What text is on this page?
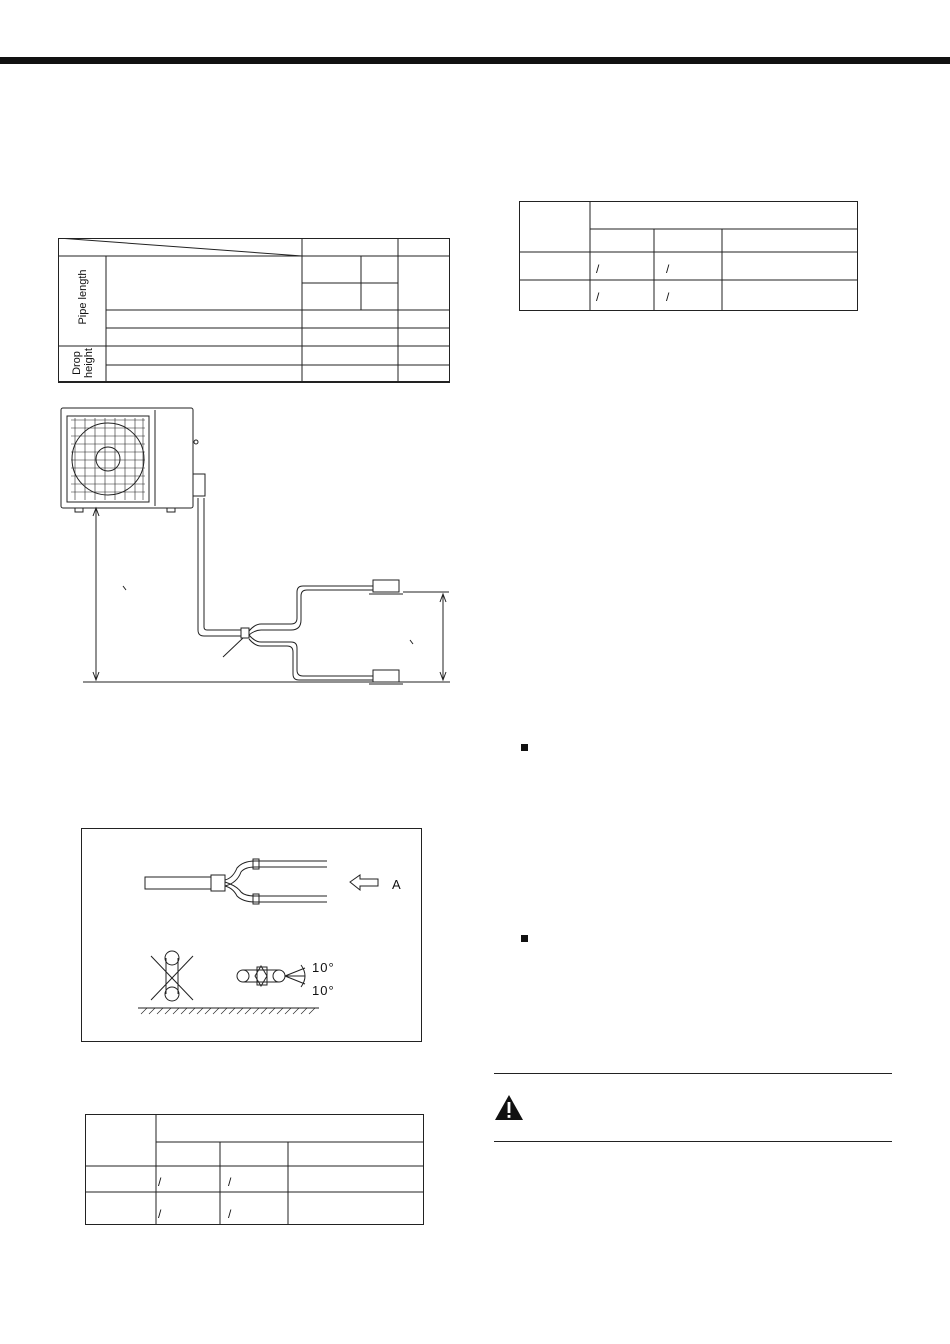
Pipe length
Drop
height
A
10°
10°
/	/
/	/
/	/
/	/
